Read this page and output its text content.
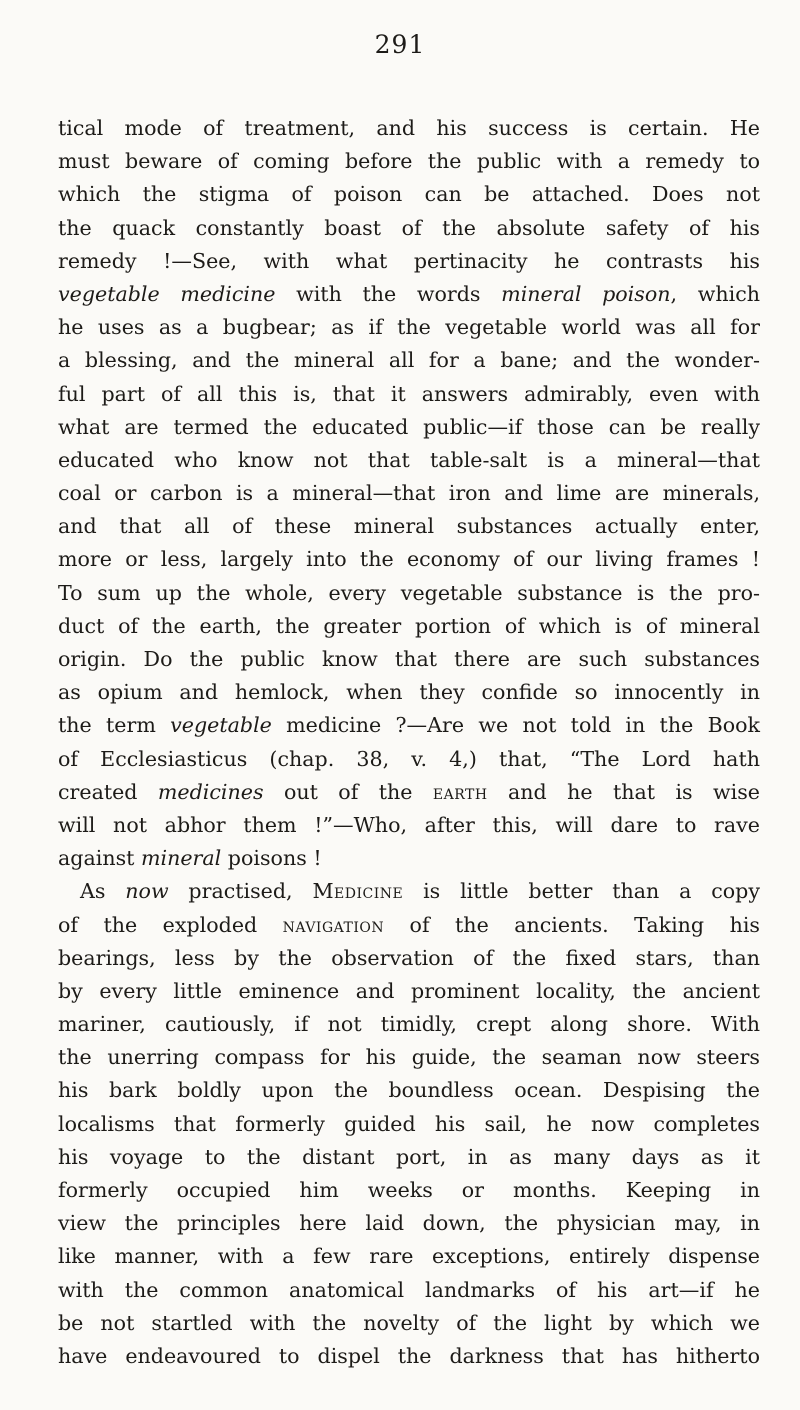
291
tical mode of treatment, and his success is certain. He
must beware of coming before the public with a remedy to
which the stigma of poison can be attached. Does not
the quack constantly boast of the absolute safety of his
remedy !—See, with what pertinacity he contrasts his
vegetable medicine with the words mineral poison, which
he uses as a bugbear; as if the vegetable world was all for
a blessing, and the mineral all for a bane; and the wonder-
ful part of all this is, that it answers admirably, even with
what are termed the educated public—if those can be really
educated who know not that table-salt is a mineral—that
coal or carbon is a mineral—that iron and lime are minerals,
and that all of these mineral substances actually enter,
more or less, largely into the economy of our living frames !
To sum up the whole, every vegetable substance is the pro-
duct of the earth, the greater portion of which is of mineral
origin. Do the public know that there are such substances
as opium and hemlock, when they confide so innocently in
the term vegetable medicine ?—Are we not told in the Book
of Ecclesiasticus (chap. 38, v. 4,) that, “The Lord hath
created medicines out of the earth and he that is wise
will not abhor them !”—Who, after this, will dare to rave
against mineral poisons !
As now practised, Medicine is little better than a copy
of the exploded navigation of the ancients. Taking his
bearings, less by the observation of the fixed stars, than
by every little eminence and prominent locality, the ancient
mariner, cautiously, if not timidly, crept along shore. With
the unerring compass for his guide, the seaman now steers
his bark boldly upon the boundless ocean. Despising the
localisms that formerly guided his sail, he now completes
his voyage to the distant port, in as many days as it
formerly occupied him weeks or months. Keeping in
view the principles here laid down, the physician may, in
like manner, with a few rare exceptions, entirely dispense
with the common anatomical landmarks of his art—if he
be not startled with the novelty of the light by which we
have endeavoured to dispel the darkness that has hitherto
